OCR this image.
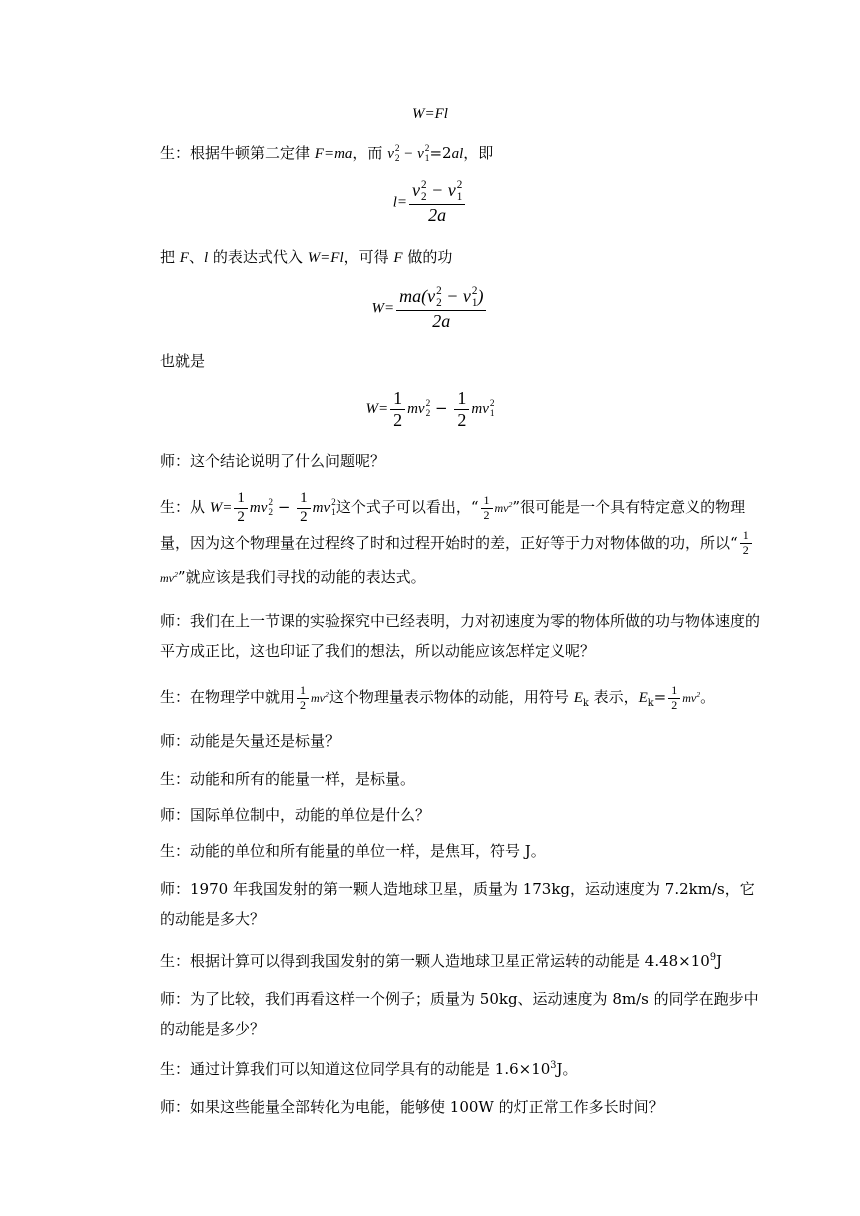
W=Fl

生：根据牛顿第二定律 F=ma，而 v 2
2 − v 2
1 =2al，即

l= v 2
2 − v 2
1
2a

把 F、l 的表达式代入 W=Fl，可得 F 做的功

W= ma(v 2
2 − v 2
1 )
2a

也就是

$W= \frac{1}{2}$ mv 2
$2 - \frac{1}{2}$ mv 2
1

师：这个结论说明了什么问题呢？

生：从 $W= \frac{1}{2}$ mv 2
$2 - \frac{1}{2}$ mv 2
1 这个式子可以看出，“ $\frac{1}{2} mv^2$”很可能是一个具有特定意义的物理量，因为这个物理量在过程终了时和过程开始时的差，正好等于力对物体做的功，所以“ $\frac{1}{2}$
$mv^2$”就应该是我们寻找的动能的表达式。

师：我们在上一节课的实验探究中已经表明，力对初速度为零的物体所做的功与物体速度的平方成正比，这也印证了我们的想法，所以动能应该怎样定义呢？

生：在物理学中就用 $\frac{1}{2} mv^2$这个物理量表示物体的动能，用符号 $E_k$ 表示，$E_k= \frac{1}{2} mv^2$。

师：动能是矢量还是标量？

生：动能和所有的能量一样，是标量。

师：国际单位制中，动能的单位是什么？

生：动能的单位和所有能量的单位一样，是焦耳，符号 J。

师：1970 年我国发射的第一颗人造地球卫星，质量为 173kg，运动速度为 7.2km/s，它的动能是多大？

生：根据计算可以得到我国发射的第一颗人造地球卫星正常运转的动能是 $4.48\times 10^9J$

师：为了比较，我们再看这样一个例子；质量为 50kg、运动速度为 8m/s 的同学在跑步中的动能是多少？

生：通过计算我们可以知道这位同学具有的动能是 $1.6\times 10^3J$。

师：如果这些能量全部转化为电能，能够使 100W 的灯正常工作多长时间？
